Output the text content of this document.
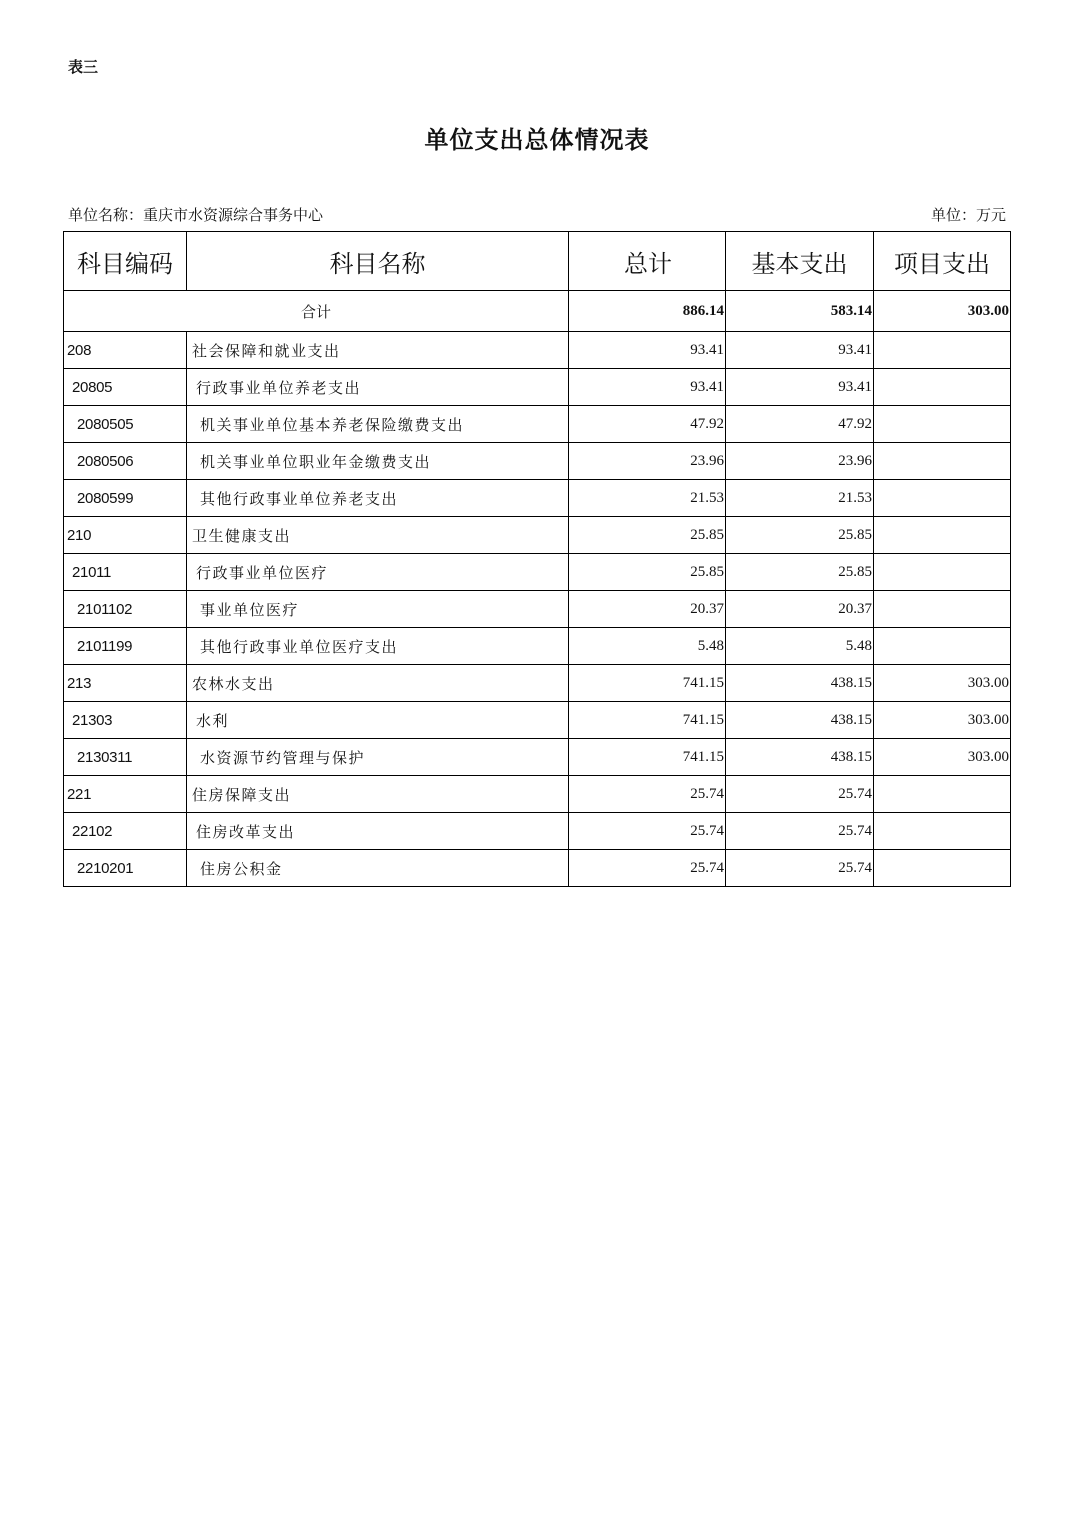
表三
单位支出总体情况表
单位名称：重庆市水资源综合事务中心	单位：万元
科目编码	科目名称	总计	基本支出	项目支出
合计		886.14	583.14	303.00
208	社会保障和就业支出	93.41	93.41	
20805	行政事业单位养老支出	93.41	93.41	
2080505	机关事业单位基本养老保险缴费支出	47.92	47.92	
2080506	机关事业单位职业年金缴费支出	23.96	23.96	
2080599	其他行政事业单位养老支出	21.53	21.53	
210	卫生健康支出	25.85	25.85	
21011	行政事业单位医疗	25.85	25.85	
2101102	事业单位医疗	20.37	20.37	
2101199	其他行政事业单位医疗支出	5.48	5.48	
213	农林水支出	741.15	438.15	303.00
21303	水利	741.15	438.15	303.00
2130311	水资源节约管理与保护	741.15	438.15	303.00
221	住房保障支出	25.74	25.74	
22102	住房改革支出	25.74	25.74	
2210201	住房公积金	25.74	25.74	
